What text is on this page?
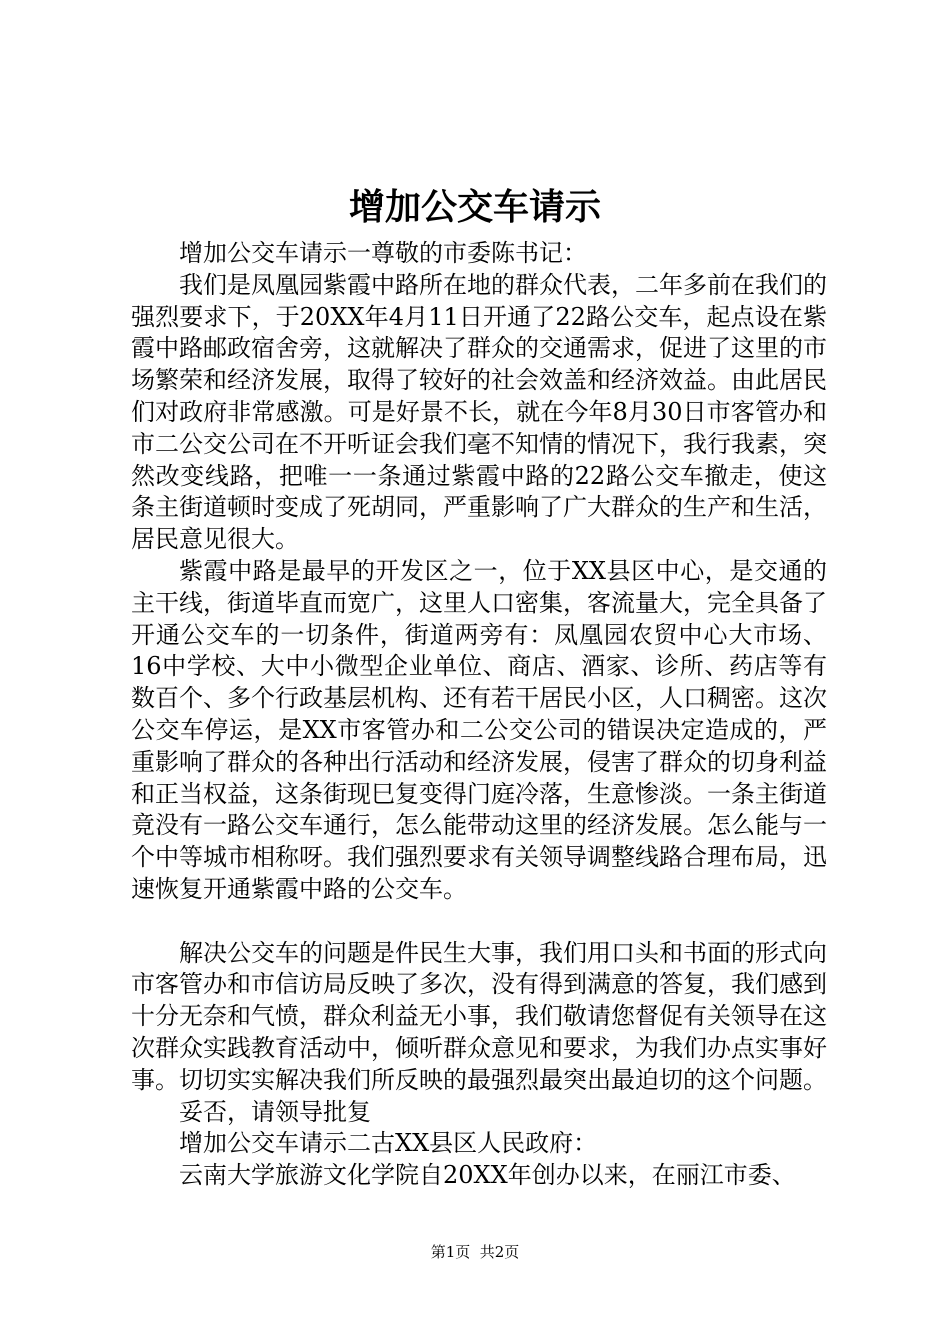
增加公交车请示

增加公交车请示一尊敬的市委陈书记：

我们是凤凰园紫霞中路所在地的群众代表，二年多前在我们的强烈要求下，于20XX年4月11日开通了22路公交车，起点设在紫霞中路邮政宿舍旁，这就解决了群众的交通需求，促进了这里的市场繁荣和经济发展，取得了较好的社会效盖和经济效益。由此居民们对政府非常感激。可是好景不长，就在今年8月30日市客管办和市二公交公司在不开听证会我们毫不知情的情况下，我行我素，突然改变线路，把唯一一条通过紫霞中路的22路公交车撤走，使这条主街道顿时变成了死胡同，严重影响了广大群众的生产和生活，居民意见很大。

紫霞中路是最早的开发区之一，位于XX县区中心，是交通的主干线，街道毕直而宽广，这里人口密集，客流量大，完全具备了开通公交车的一切条件，街道两旁有：凤凰园农贸中心大市场、16中学校、大中小微型企业单位、商店、酒家、诊所、药店等有数百个、多个行政基层机构、还有若干居民小区，人口稠密。这次公交车停运，是XX市客管办和二公交公司的错误决定造成的，严重影响了群众的各种出行活动和经济发展，侵害了群众的切身利益和正当权益，这条街现巳复变得门庭冷落，生意惨淡。一条主街道竟没有一路公交车通行，怎么能带动这里的经济发展。怎么能与一个中等城市相称呀。我们强烈要求有关领导调整线路合理布局，迅速恢复开通紫霞中路的公交车。

解决公交车的问题是件民生大事，我们用口头和书面的形式向市客管办和市信访局反映了多次，没有得到满意的答复，我们感到十分无奈和气愤，群众利益无小事，我们敬请您督促有关领导在这次群众实践教育活动中，倾听群众意见和要求，为我们办点实事好事。切切实实解决我们所反映的最强烈最突出最迫切的这个问题。

妥否，请领导批复

增加公交车请示二古XX县区人民政府：

云南大学旅游文化学院自20XX年创办以来，在丽江市委、

第1页  共2页
